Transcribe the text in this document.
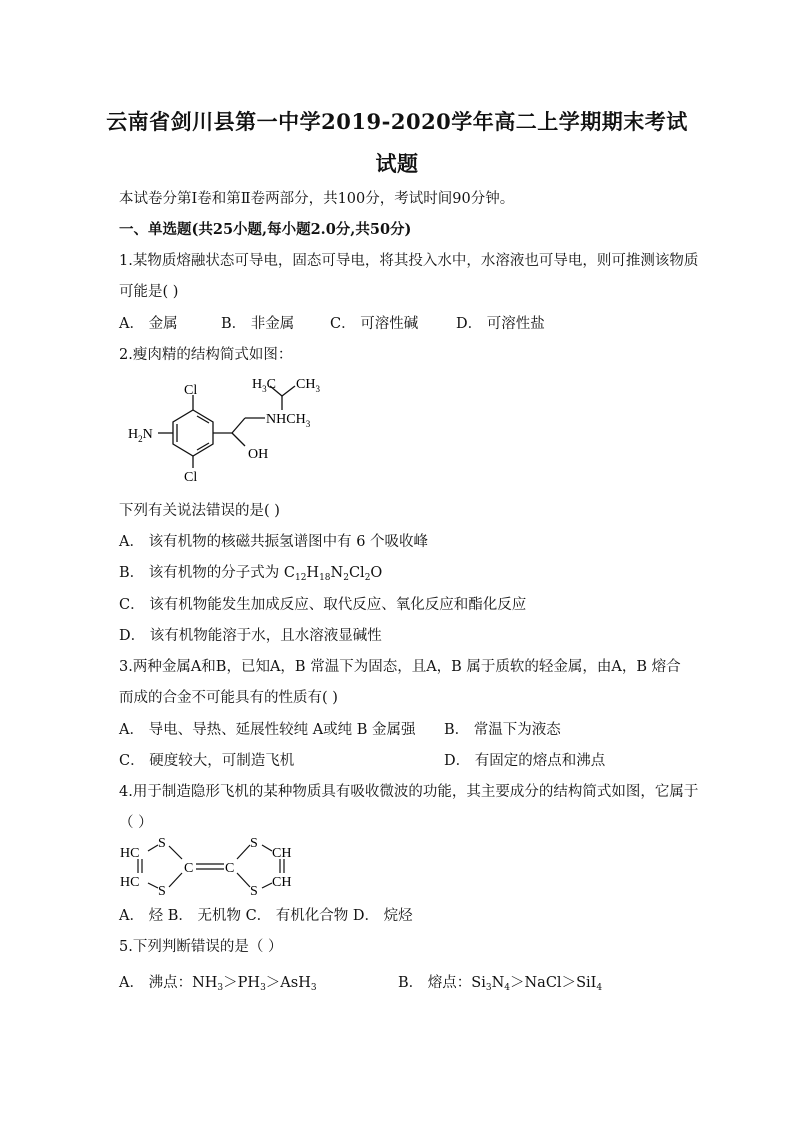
云南省剑川县第一中学2019-2020学年高二上学期期末考试
试题
本试卷分第Ⅰ卷和第Ⅱ卷两部分，共100分，考试时间90分钟。
一、单选题(共25小题,每小题2.0分,共50分)
1.某物质熔融状态可导电，固态可导电，将其投入水中，水溶液也可导电，则可推测该物质
可能是( )
A． 金属	B． 非金属 C． 可溶性碱	D． 可溶性盐
2.瘦肉精的结构简式如图：
Cl
Cl
$H_2N$
OH
$H_3C$ $CH_3$
$NHCH_3$
下列有关说法错误的是( )
A． 该有机物的核磁共振氢谱图中有 6 个吸收峰
B． 该有机物的分子式为 $C_{12}H_{18}N_2Cl_2O$
C． 该有机物能发生加成反应、取代反应、氧化反应和酯化反应
D． 该有机物能溶于水，且水溶液显碱性
3.两种金属A和B，已知A，B 常温下为固态，且A，B 属于质软的轻金属，由A，B 熔合
而成的合金不可能具有的性质有( )
A． 导电、导热、延展性较纯 A或纯 B 金属强 B． 常温下为液态
C． 硬度较大，可制造飞机	D． 有固定的熔点和沸点
4.用于制造隐形飞机的某种物质具有吸收微波的功能，其主要成分的结构简式如图，它属于
（ ）
HC
HC
S
S
C C
S
S
CH
CH
A． 烃 B． 无机物 C． 有机化合物 D． 烷烃
5.下列判断错误的是（ ）
A． 沸点：$NH_3>PH_3>AsH_3$	B． 熔点：$Si_3N_4>NaCl>SiI_4$
